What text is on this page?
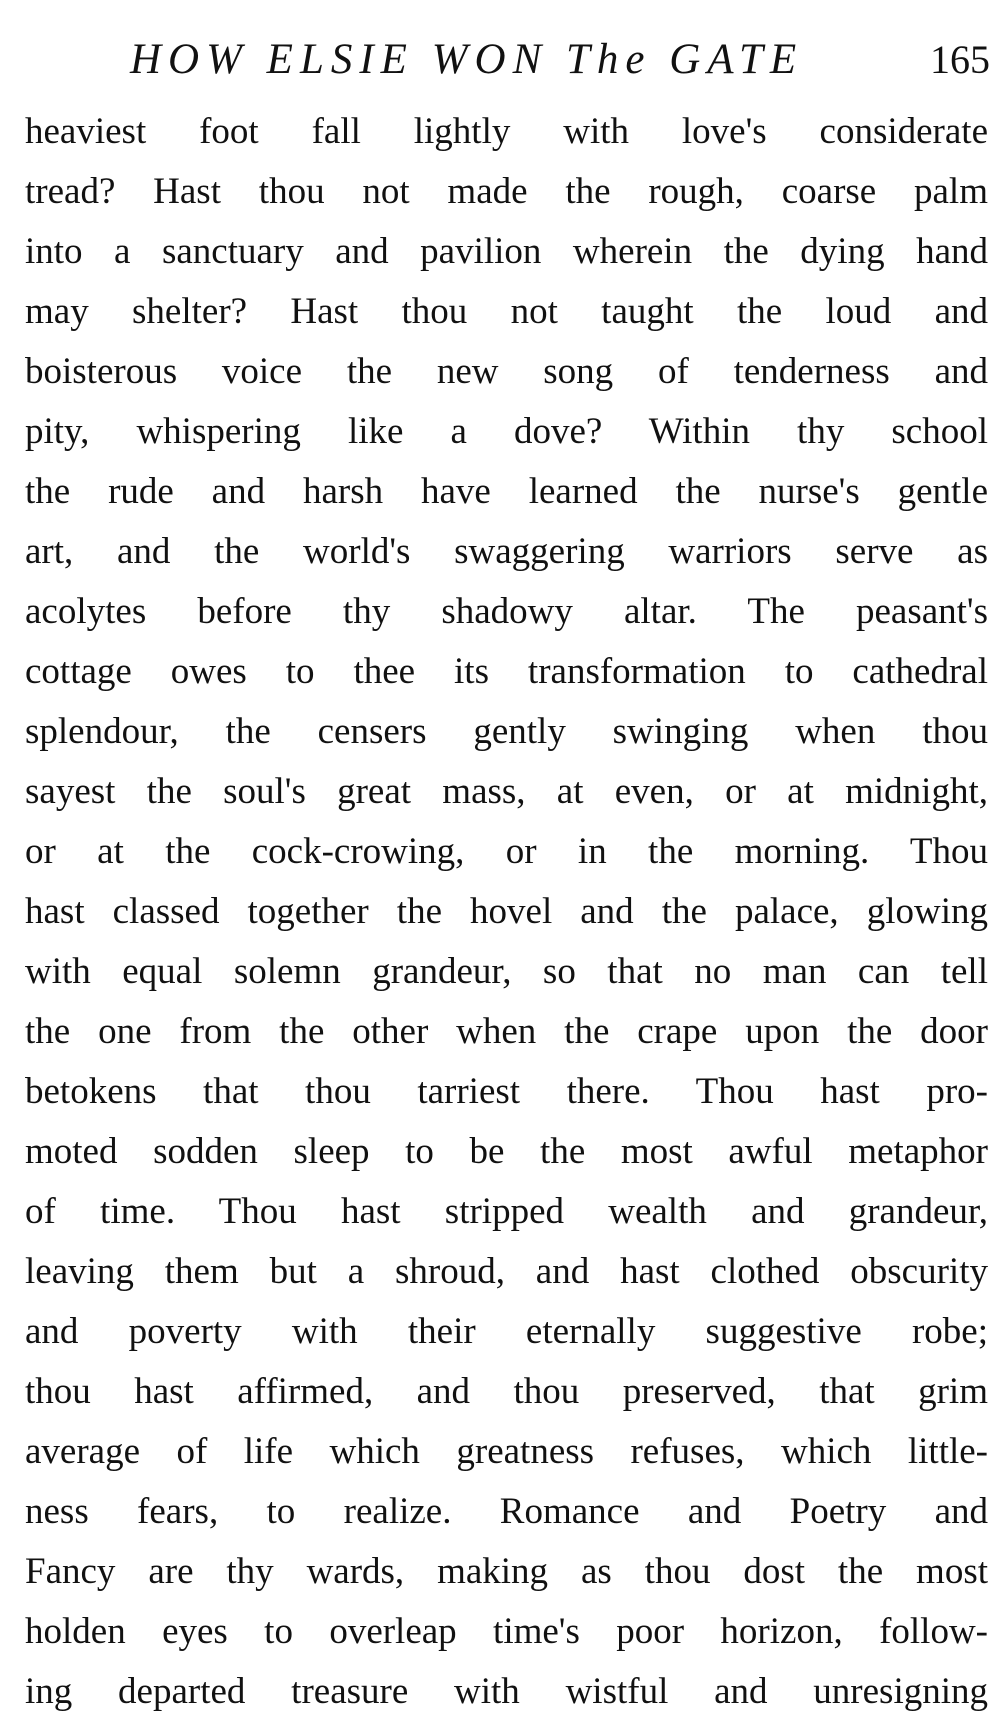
HOW ELSIE WON The GATE	165
heaviest foot fall lightly with love's considerate
tread? Hast thou not made the rough, coarse palm
into a sanctuary and pavilion wherein the dying hand
may shelter? Hast thou not taught the loud and
boisterous voice the new song of tenderness and
pity, whispering like a dove? Within thy school
the rude and harsh have learned the nurse's gentle
art, and the world's swaggering warriors serve as
acolytes before thy shadowy altar. The peasant's
cottage owes to thee its transformation to cathedral
splendour, the censers gently swinging when thou
sayest the soul's great mass, at even, or at midnight,
or at the cock-crowing, or in the morning. Thou
hast classed together the hovel and the palace, glowing
with equal solemn grandeur, so that no man can tell
the one from the other when the crape upon the door
betokens that thou tarriest there. Thou hast pro-
moted sodden sleep to be the most awful metaphor
of time. Thou hast stripped wealth and grandeur,
leaving them but a shroud, and hast clothed obscurity
and poverty with their eternally suggestive robe;
thou hast affirmed, and thou preserved, that grim
average of life which greatness refuses, which little-
ness fears, to realize. Romance and Poetry and
Fancy are thy wards, making as thou dost the most
holden eyes to overleap time's poor horizon, follow-
ing departed treasure with wistful and unresigning
